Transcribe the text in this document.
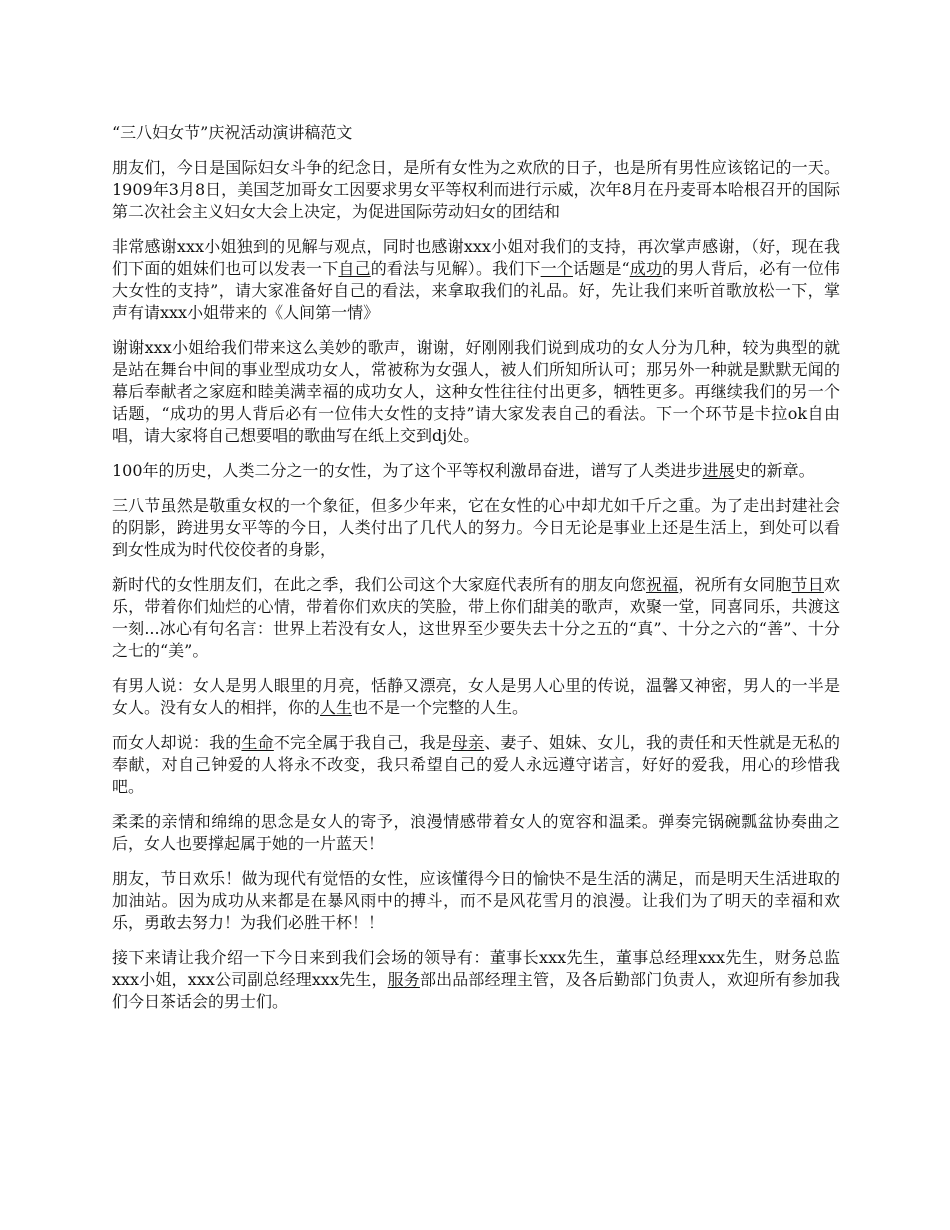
“三八妇女节”庆祝活动演讲稿范文
朋友们，今日是国际妇女斗争的纪念日，是所有女性为之欢欣的日子，也是所有男性应该铭记的一天。1909年3月8日，美国芝加哥女工因要求男女平等权利而进行示威，次年8月在丹麦哥本哈根召开的国际第二次社会主义妇女大会上决定，为促进国际劳动妇女的团结和
非常感谢xxx小姐独到的见解与观点，同时也感谢xxx小姐对我们的支持，再次掌声感谢，（好，现在我们下面的姐妹们也可以发表一下自己的看法与见解）。我们下一个话题是“成功的男人背后，必有一位伟大女性的支持”，请大家准备好自己的看法，来拿取我们的礼品。好，先让我们来听首歌放松一下，掌声有请xxx小姐带来的《人间第一情》
谢谢xxx小姐给我们带来这么美妙的歌声，谢谢，好刚刚我们说到成功的女人分为几种，较为典型的就是站在舞台中间的事业型成功女人，常被称为女强人，被人们所知所认可；那另外一种就是默默无闻的幕后奉献者之家庭和睦美满幸福的成功女人，这种女性往往付出更多，牺牲更多。再继续我们的另一个话题，“成功的男人背后必有一位伟大女性的支持”请大家发表自己的看法。下一个环节是卡拉ok自由唱，请大家将自己想要唱的歌曲写在纸上交到dj处。
100年的历史，人类二分之一的女性，为了这个平等权利激昂奋进，谱写了人类进步进展史的新章。
三八节虽然是敬重女权的一个象征，但多少年来，它在女性的心中却尤如千斤之重。为了走出封建社会的阴影，跨进男女平等的今日，人类付出了几代人的努力。今日无论是事业上还是生活上，到处可以看到女性成为时代佼佼者的身影，
新时代的女性朋友们，在此之季，我们公司这个大家庭代表所有的朋友向您祝福，祝所有女同胞节日欢乐，带着你们灿烂的心情，带着你们欢庆的笑脸，带上你们甜美的歌声，欢聚一堂，同喜同乐，共渡这一刻...冰心有句名言：世界上若没有女人，这世界至少要失去十分之五的“真”、十分之六的“善”、十分之七的“美”。
有男人说：女人是男人眼里的月亮，恬静又漂亮，女人是男人心里的传说，温馨又神密，男人的一半是女人。没有女人的相拌，你的人生也不是一个完整的人生。
而女人却说：我的生命不完全属于我自己，我是母亲、妻子、姐妹、女儿，我的责任和天性就是无私的奉献，对自己钟爱的人将永不改变，我只希望自己的爱人永远遵守诺言，好好的爱我，用心的珍惜我吧。
柔柔的亲情和绵绵的思念是女人的寄予，浪漫情感带着女人的宽容和温柔。弹奏完锅碗瓢盆协奏曲之后，女人也要撑起属于她的一片蓝天！
朋友，节日欢乐！做为现代有觉悟的女性，应该懂得今日的愉快不是生活的满足，而是明天生活进取的加油站。因为成功从来都是在暴风雨中的搏斗，而不是风花雪月的浪漫。让我们为了明天的幸福和欢乐，勇敢去努力！为我们必胜干杯！！
接下来请让我介绍一下今日来到我们会场的领导有：董事长xxx先生，董事总经理xxx先生，财务总监xxx小姐，xxx公司副总经理xxx先生，服务部出品部经理主管，及各后勤部门负责人，欢迎所有参加我们今日茶话会的男士们。
